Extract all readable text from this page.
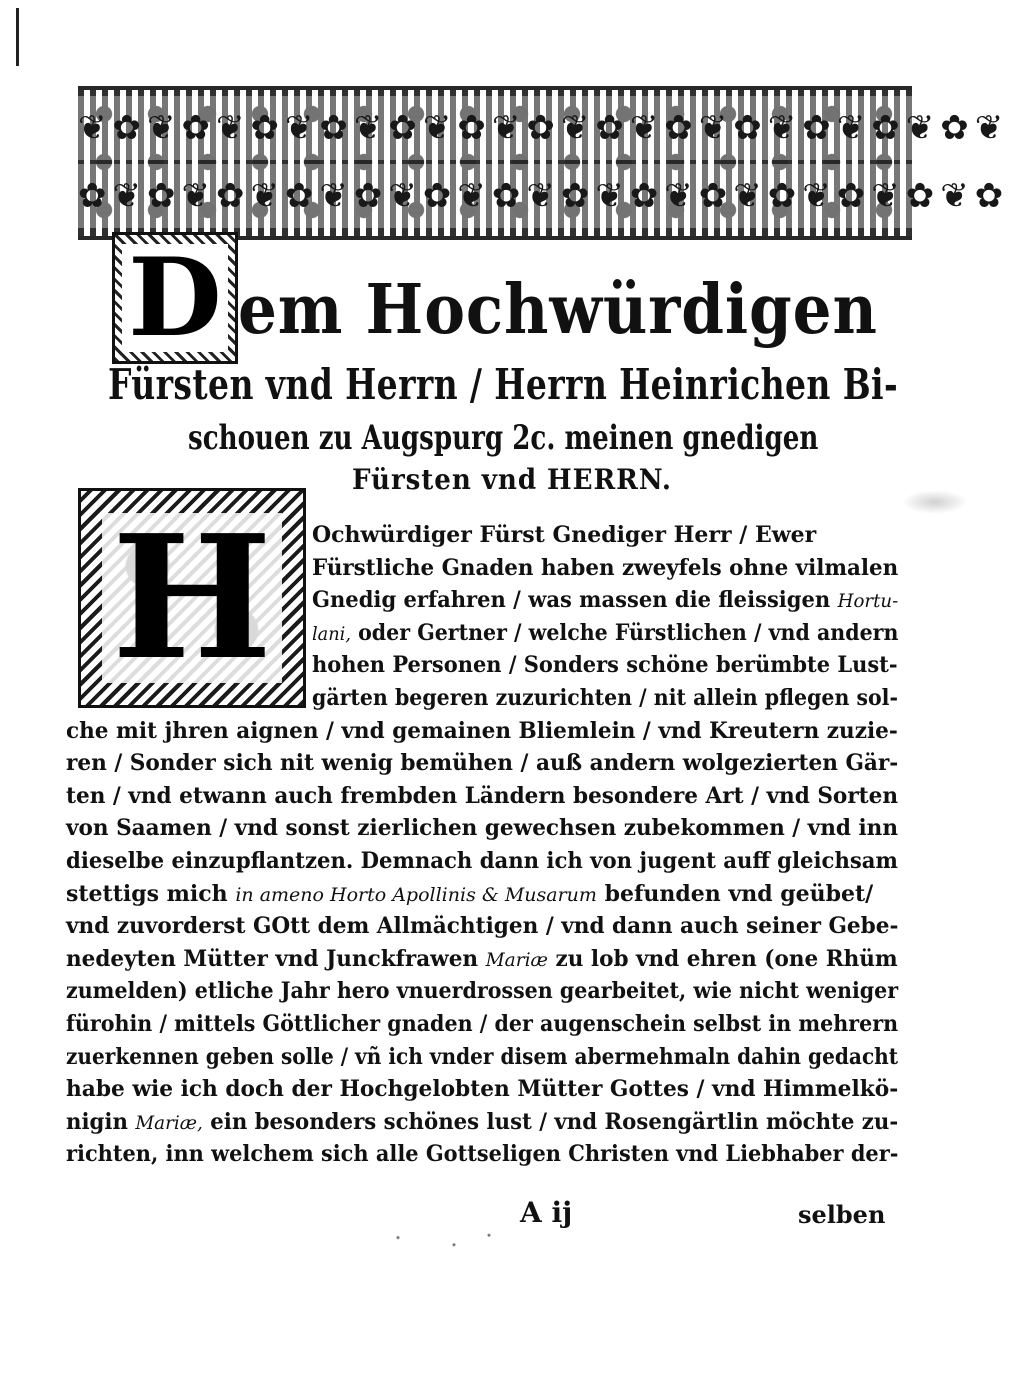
❦✿❦✿❦✿❦✿❦✿❦✿❦✿❦✿❦✿❦✿❦✿❦✿❦✿❦
✿❦✿❦✿❦✿❦✿❦✿❦✿❦✿❦✿❦✿❦✿❦✿❦✿❦✿
D em Hochwürdigen
Fürsten vnd Herrn / Herrn Heinrichen Bi-
schouen zu Augspurg 2c. meinen gnedigen
Fürsten vnd HERRN.
H	Ochwürdiger Fürst Gnediger Herr / Ewer
Fürstliche Gnaden haben zweyfels ohne vilmalen
Gnedig erfahren / was massen die fleissigen Hortu-
lani, oder Gertner / welche Fürstlichen / vnd andern
hohen Personen / Sonders schöne berümbte Lust-
gärten begeren zuzurichten / nit allein pflegen sol-
che mit jhren aignen / vnd gemainen Bliemlein / vnd Kreutern zuzie-
ren / Sonder sich nit wenig bemühen / auß andern wolgezierten Gär-
ten / vnd etwann auch frembden Ländern besondere Art / vnd Sorten
von Saamen / vnd sonst zierlichen gewechsen zubekommen / vnd inn
dieselbe einzupflantzen. Demnach dann ich von jugent auff gleichsam
stettigs mich in ameno Horto Apollinis & Musarum befunden vnd geübet/
vnd zuvorderst GOtt dem Allmächtigen / vnd dann auch seiner Gebe-
nedeyten Mütter vnd Junckfrawen Mariæ zu lob vnd ehren (one Rhüm
zumelden) etliche Jahr hero vnuerdrossen gearbeitet, wie nicht weniger
fürohin / mittels Göttlicher gnaden / der augenschein selbst in mehrern
zuerkennen geben solle / vñ ich vnder disem abermehmaln dahin gedacht
habe wie ich doch der Hochgelobten Mütter Gottes / vnd Himmelkö-
nigin Mariæ, ein besonders schönes lust / vnd Rosengärtlin möchte zu-
richten, inn welchem sich alle Gottseligen Christen vnd Liebhaber der-
A ij	selben
